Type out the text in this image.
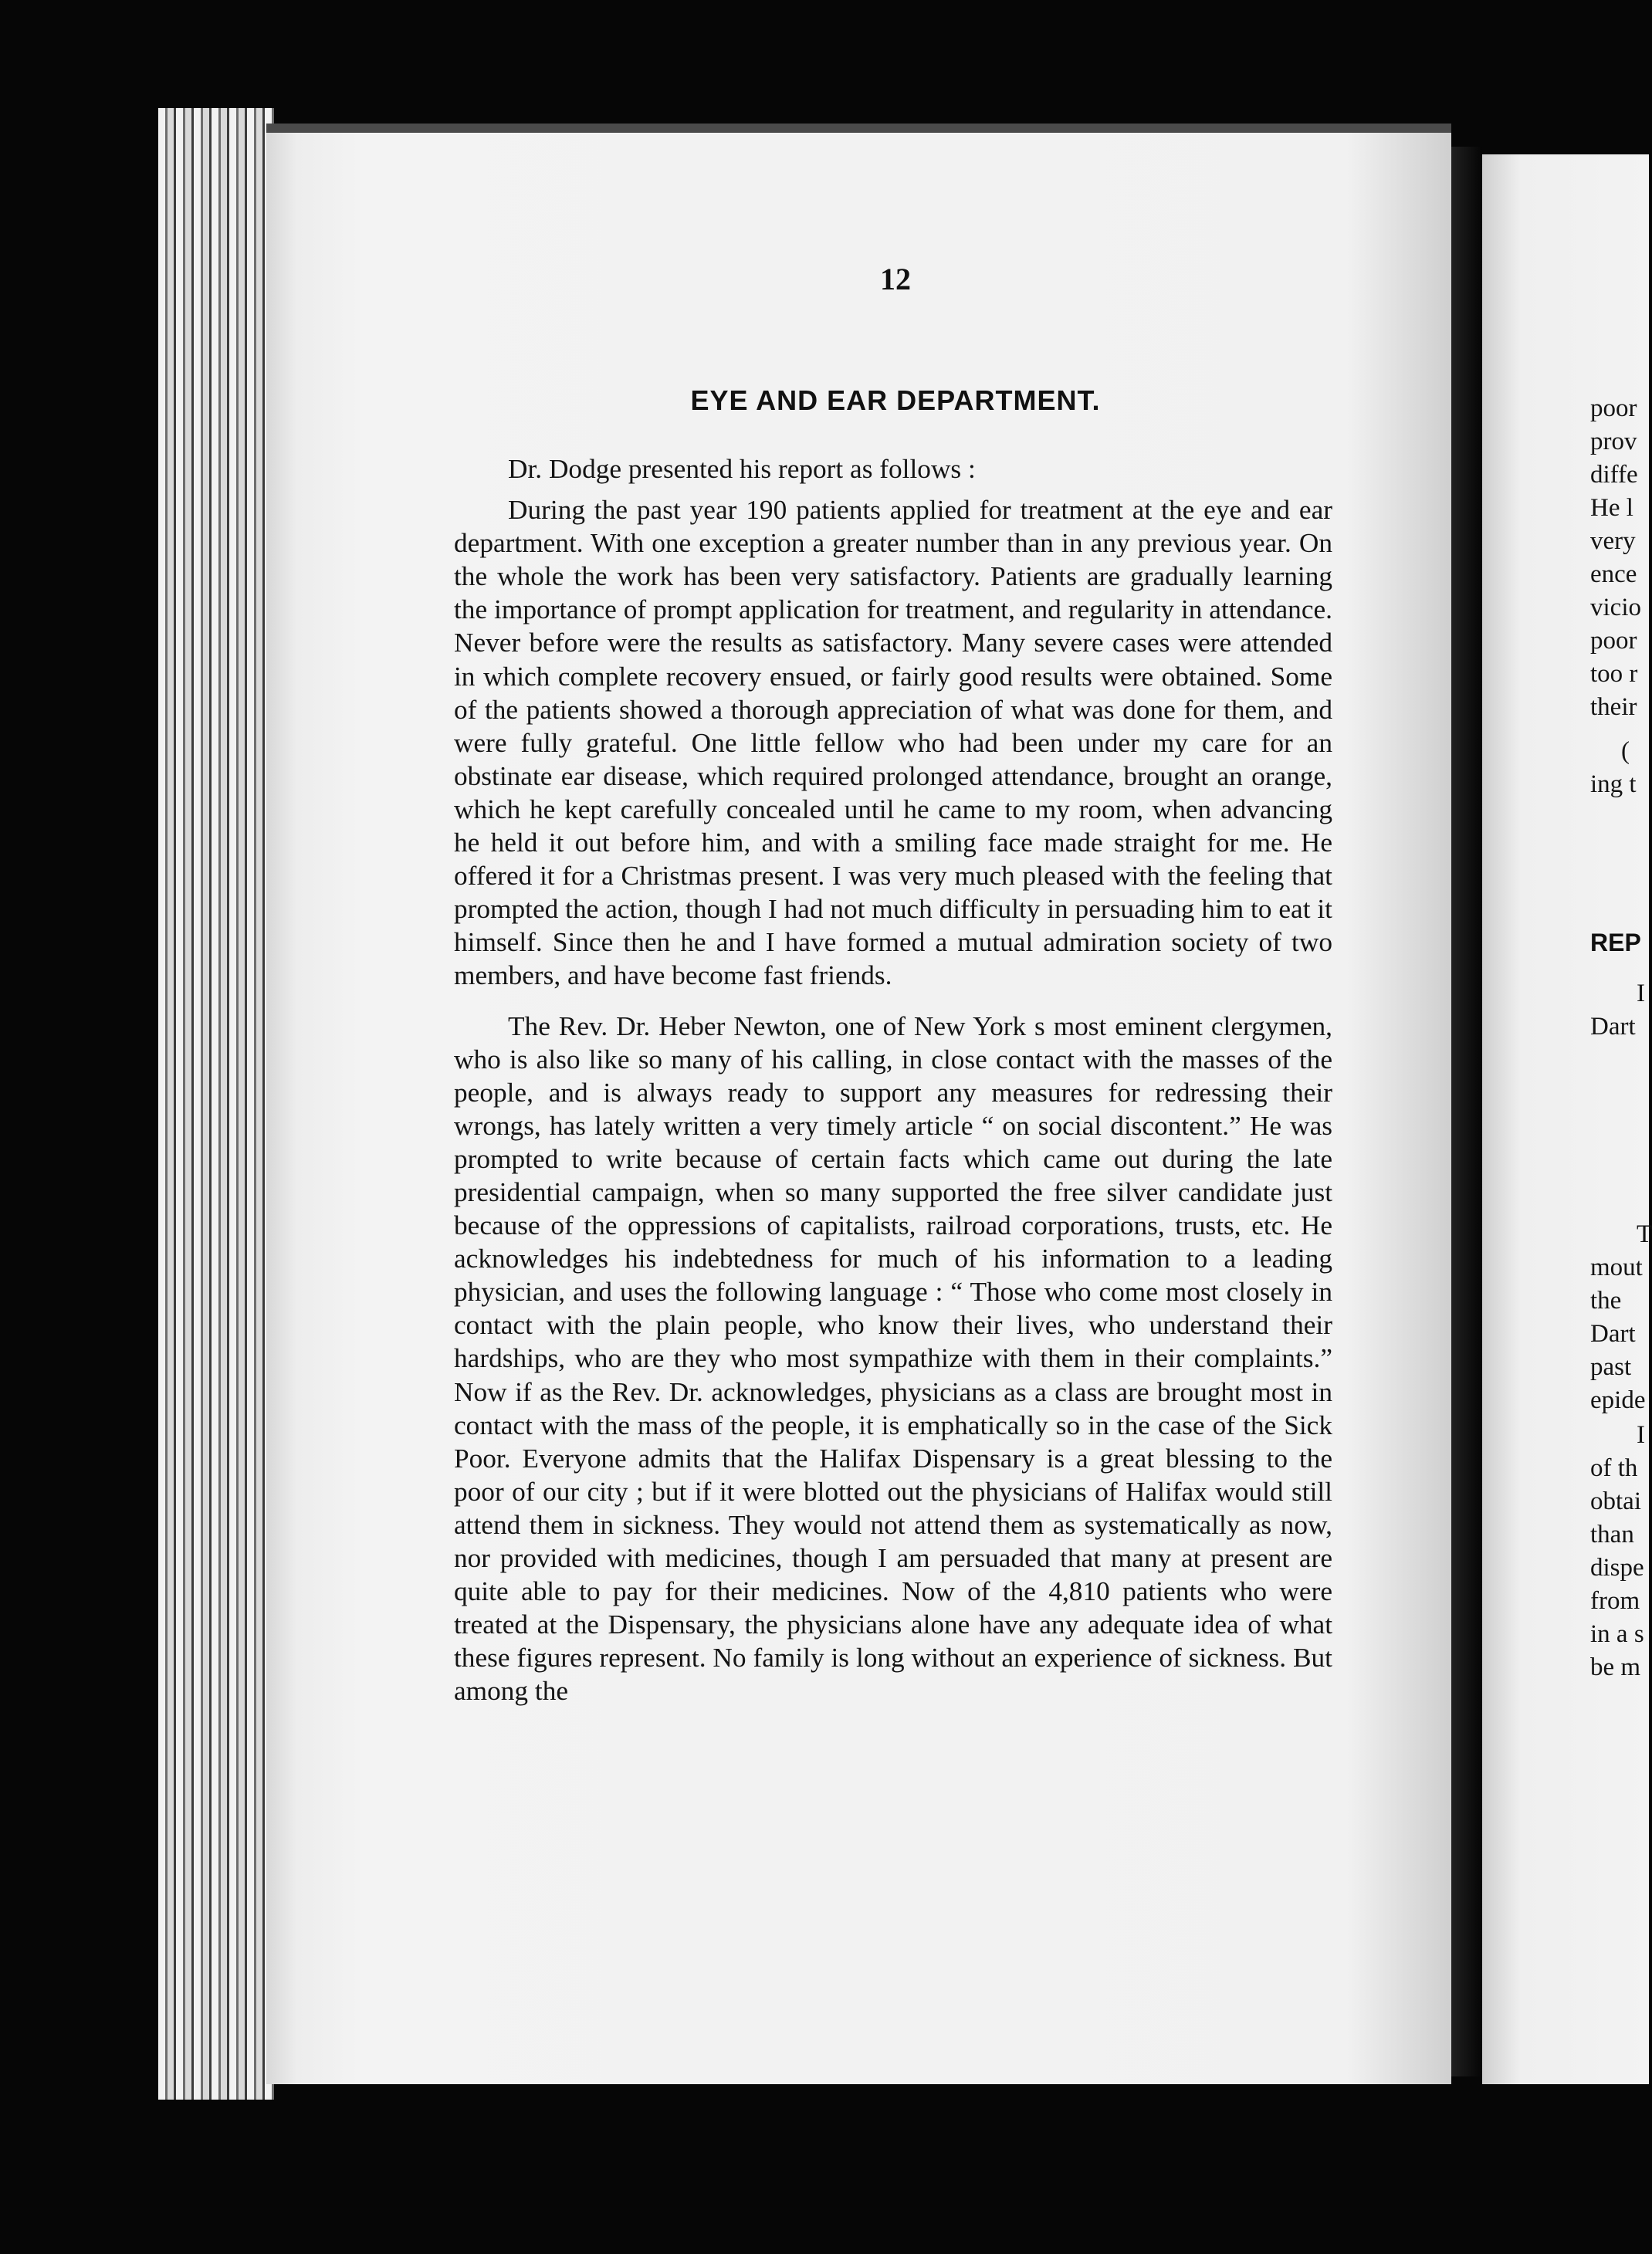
12
EYE AND EAR DEPARTMENT.

Dr. Dodge presented his report as follows :

During the past year 190 patients applied for treatment at the eye and ear department. With one exception a greater number than in any previous year. On the whole the work has been very satisfactory. Patients are gradually learning the importance of prompt application for treatment, and regularity in attendance. Never before were the results as satisfactory. Many severe cases were attended in which complete recovery ensued, or fairly good results were obtained. Some of the patients showed a thorough appreciation of what was done for them, and were fully grateful. One little fellow who had been under my care for an obstinate ear disease, which required prolonged attendance, brought an orange, which he kept carefully concealed until he came to my room, when advancing he held it out before him, and with a smiling face made straight for me. He offered it for a Christmas present. I was very much pleased with the feeling that prompted the action, though I had not much difficulty in persuading him to eat it himself. Since then he and I have formed a mutual admiration society of two members, and have become fast friends.

The Rev. Dr. Heber Newton, one of New York s most eminent clergymen, who is also like so many of his calling, in close contact with the masses of the people, and is always ready to support any measures for redressing their wrongs, has lately written a very timely article “ on social discontent.” He was prompted to write because of certain facts which came out during the late presidential campaign, when so many supported the free silver candidate just because of the oppressions of capitalists, railroad corporations, trusts, etc. He acknowledges his indebtedness for much of his information to a leading physician, and uses the following language : “ Those who come most closely in contact with the plain people, who know their lives, who understand their hardships, who are they who most sympathize with them in their complaints.” Now if as the Rev. Dr. acknowledges, physicians as a class are brought most in contact with the mass of the people, it is emphatically so in the case of the Sick Poor. Everyone admits that the Halifax Dispensary is a great blessing to the poor of our city ; but if it were blotted out the physicians of Halifax would still attend them in sickness. They would not attend them as systematically as now, nor provided with medicines, though I am persuaded that many at present are quite able to pay for their medicines. Now of the 4,810 patients who were treated at the Dispensary, the physicians alone have any adequate idea of what these figures represent. No family is long without an experience of sickness. But among the

poor
prov
diffe
He l
very
ence
vicio
poor
too r
their
(
ing t
REP
I
Dart
T
mout
the
Dart
past
epide
I
of th
obtai
than
dispe
from
in a s
be m
